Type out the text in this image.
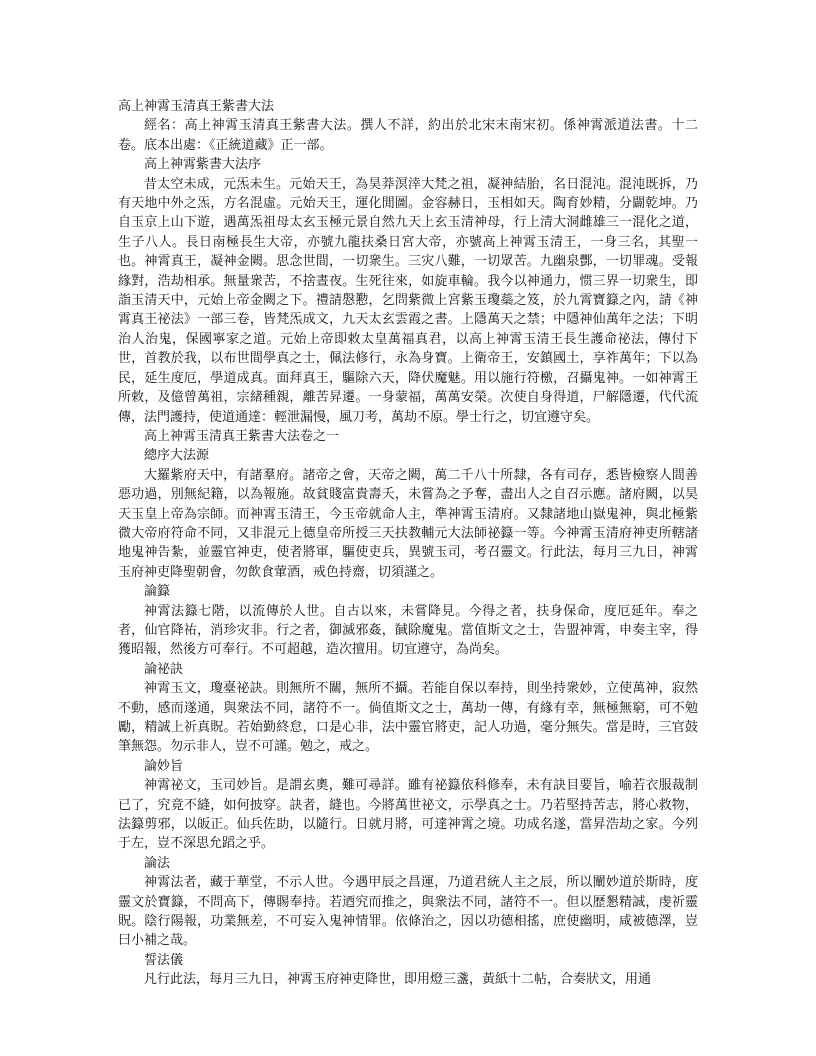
高上神霄玉清真王紫書大法

經名：高上神霄玉清真王紫書大法。撰人不詳，約出於北宋末南宋初。係神霄派道法書。十二卷。底本出處：《正統道藏》正一部。

高上神霄紫書大法序

昔太空未成，元炁未生。元始天王，為昊莽溟涬大梵之祖，凝神結胎，名日混沌。混沌既拆，乃有天地中外之炁，方名混虛。元始天王，運化閒圖。金容赫日，玉相如天。陶育妙精，分闢乾坤。乃自玉京上山下遊，遇萬炁祖母太玄玉極元景自然九天上玄玉清神母，行上清大洞雌雄三一混化之道，生子八人。長日南極長生大帝，亦號九龍扶桑日宮大帝，亦號高上神霄玉清王，一身三名，其聖一也。神霄真王，凝神金闕。思念世間，一切衆生。三灾八難，一切眾苦。九幽泉酆，一切罪魂。受報緣對，浩劫相承。無量衆苦，不捨晝夜。生死往來，如旋車輪。我今以神通力，惯三界一切衆生，即詣玉清天中，元始上帝金闕之下。禮請慇懃，乞問紫微上宮紫玉瓊蘂之笈，於九霄寶籙之內，請《神霄真王祕法》一部三卷，皆梵炁成文，九天太玄雲霞之書。上隱萬天之禁；中隱神仙萬年之法；下明治人治鬼，保國寧家之道。元始上帝即敕太皇萬福真君，以高上神霄玉清王長生護命祕法，傳付下世，首教於我，以布世間學真之士，佩法修行，永為身寶。上衛帝王，安鎮國土，享祚萬年；下以為民，延生度厄，學道成真。面拜真王，驅除六天，降伏魔魅。用以施行符檄，召攝鬼神。一如神霄王所敕，及億曾萬祖，宗緒種親，離苦昇遷。一身蒙福，萬萬安榮。次使自身得道，尸解隱遷，代代流傳，法門護持，使道通達：輕泄漏慢，風刀考，萬劫不原。學士行之，切宜遵守矣。

高上神霄玉清真王紫書大法卷之一
總序大法源

大羅紫府天中，有諸羣府。諸帝之會，天帝之闕，萬二千八十所隸，各有司存，悉皆檢察人間善惡功過，別無紀籍，以為報施。故貧賤富貴壽夭，未嘗為之予奪，盡出人之自召示應。諸府闕，以昊天玉皇上帝為宗師。而神霄玉清王，今玉帝就命人主，準神霄玉清府。又隸諸地山嶽鬼神，與北極紫微大帝府符命不同，又非混元上德皇帝所授三天扶教輔元大法師祕籙一等。今神霄玉清府神吏所轄諸地鬼神告紮，並靈官神吏，使者將軍，驅使吏兵，異號玉司，考召靈文。行此法，每月三九日，神霄玉府神吏降聖朝會，勿飲食葷酒，戒色持齋，切須謹之。

論籙

神霄法籙七階，以流傳於人世。自古以來，未嘗降見。今得之者，扶身保命，度厄延年。奉之者，仙官降祐，消珍灾非。行之者，御滅邪姦，馘除魔鬼。當值斯文之士，告盟神霄，申奏主宰，得獲昭報，然後方可奉行。不可超越，造次擅用。切宜遵守，為尚矣。

論祕訣

神霄玉文，瓊臺祕訣。則無所不關，無所不攝。若能自保以奉持，則坐持衆妙，立使萬神，寂然不動，感而遂通，與衆法不同，諸符不一。倘值斯文之士，萬劫一傳，有緣有幸，無極無窮，可不勉勵，精誠上祈真貺。若始勤終怠，口是心非，法中靈官將吏，記人功過，毫分無失。當是時，三官鼓筆無怨。勿示非人，豈不可謹。勉之，戒之。

論妙旨

神霄祕文，玉司妙旨。是謂玄奧，難可尋詳。雖有祕籙依科修奉，未有訣目要旨，喻若衣服裁制已了，究竟不縫，如何披穿。訣者，縫也。今將萬世祕文，示學真之士。乃若堅持苦志，將心救物，法籙剪邪，以皈正。仙兵佐助，以隨行。日就月將，可達神霄之境。功成名遂，當昇浩劫之家。今列于左，豈不深思允蹈之乎。

論法

神霄法者，藏于華堂，不示人世。今遇甲辰之昌運，乃道君統人主之辰，所以闡妙道於斯時，度靈文於寶籙，不問高下，傳賜奉持。若迺究而推之，與衆法不同，諸符不一。但以歷懇精誠，虔祈靈貺。陰行陽報，功業無差，不可妄入鬼神情罪。依條治之，因以功德相搖，庶使幽明，咸被德澤，豈曰小補之哉。

誓法儀

凡行此法，每月三九日，神霄玉府神吏降世，即用燈三盞，黃紙十二帖，合奏狀文，用通
